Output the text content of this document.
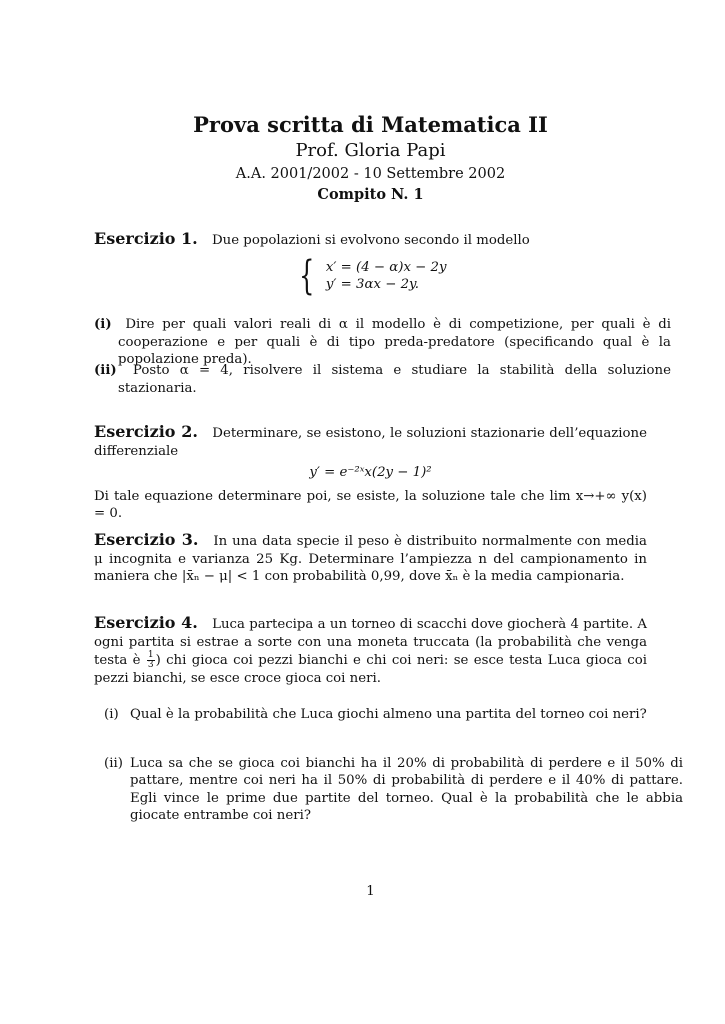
Prova scritta di Matematica II
Prof. Gloria Papi
A.A. 2001/2002 - 10 Settembre 2002
Compito N. 1
Esercizio 1. Due popolazioni si evolvono secondo il modello
{ x′ = (4 − α)x − 2y
y′ = 3αx − 2y.
(i) Dire per quali valori reali di α il modello è di competizione, per quali è di cooperazione e per quali è di tipo preda-predatore (specificando qual è la popolazione preda).
(ii) Posto α = 4, risolvere il sistema e studiare la stabilità della soluzione stazionaria.
Esercizio 2. Determinare, se esistono, le soluzioni stazionarie dell’equazione differenziale
y′ = e⁻²ˣx(2y − 1)²
Di tale equazione determinare poi, se esiste, la soluzione tale che lim x→+∞ y(x) = 0.
Esercizio 3. In una data specie il peso è distribuito normalmente con media μ incognita e varianza 25 Kg. Determinare l’ampiezza n del campionamento in maniera che |x̄ₙ − μ| < 1 con probabilità 0,99, dove x̄ₙ è la media campionaria.
Esercizio 4. Luca partecipa a un torneo di scacchi dove giocherà 4 partite. A ogni partita si estrae a sorte con una moneta truccata (la probabilità che venga testa è $\frac{1}{3}$ ) chi gioca coi pezzi bianchi e chi coi neri: se esce testa Luca gioca coi pezzi bianchi, se esce croce gioca coi neri.
(i) Qual è la probabilità che Luca giochi almeno una partita del torneo coi neri?
(ii) Luca sa che se gioca coi bianchi ha il 20% di probabilità di perdere e il 50% di pattare, mentre coi neri ha il 50% di probabilità di perdere e il 40% di pattare. Egli vince le prime due partite del torneo. Qual è la probabilità che le abbia giocate entrambe coi neri?
1
